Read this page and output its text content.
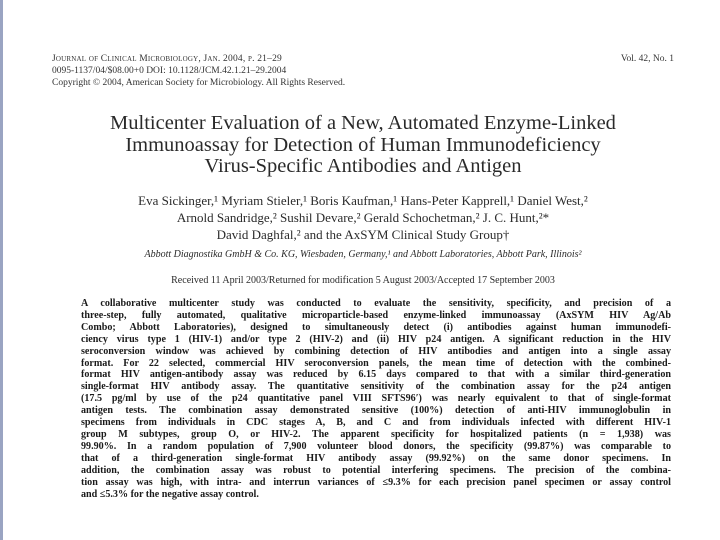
Journal of Clinical Microbiology, Jan. 2004, p. 21–29	Vol. 42, No. 1
0095-1137/04/$08.00+0 DOI: 10.1128/JCM.42.1.21–29.2004
Copyright © 2004, American Society for Microbiology. All Rights Reserved.
Multicenter Evaluation of a New, Automated Enzyme-Linked
Immunoassay for Detection of Human Immunodeficiency
Virus-Specific Antibodies and Antigen
Eva Sickinger,¹ Myriam Stieler,¹ Boris Kaufman,¹ Hans-Peter Kapprell,¹ Daniel West,²
Arnold Sandridge,² Sushil Devare,² Gerald Schochetman,² J. C. Hunt,²*
David Daghfal,² and the AxSYM Clinical Study Group†
Abbott Diagnostika GmbH & Co. KG, Wiesbaden, Germany,¹ and Abbott Laboratories, Abbott Park, Illinois²
Received 11 April 2003/Returned for modification 5 August 2003/Accepted 17 September 2003
A collaborative multicenter study was conducted to evaluate the sensitivity, specificity, and precision of a
three-step, fully automated, qualitative microparticle-based enzyme-linked immunoassay (AxSYM HIV Ag/Ab
Combo; Abbott Laboratories), designed to simultaneously detect (i) antibodies against human immunodefi-
ciency virus type 1 (HIV-1) and/or type 2 (HIV-2) and (ii) HIV p24 antigen. A significant reduction in the HIV
seroconversion window was achieved by combining detection of HIV antibodies and antigen into a single assay
format. For 22 selected, commercial HIV seroconversion panels, the mean time of detection with the combined-
format HIV antigen-antibody assay was reduced by 6.15 days compared to that with a similar third-generation
single-format HIV antibody assay. The quantitative sensitivity of the combination assay for the p24 antigen
(17.5 pg/ml by use of the p24 quantitative panel VIII SFTS96′) was nearly equivalent to that of single-format
antigen tests. The combination assay demonstrated sensitive (100%) detection of anti-HIV immunoglobulin in
specimens from individuals in CDC stages A, B, and C and from individuals infected with different HIV-1
group M subtypes, group O, or HIV-2. The apparent specificity for hospitalized patients (n = 1,938) was
99.90%. In a random population of 7,900 volunteer blood donors, the specificity (99.87%) was comparable to
that of a third-generation single-format HIV antibody assay (99.92%) on the same donor specimens. In
addition, the combination assay was robust to potential interfering specimens. The precision of the combina-
tion assay was high, with intra- and interrun variances of ≤9.3% for each precision panel specimen or assay control
and ≤5.3% for the negative assay control.
